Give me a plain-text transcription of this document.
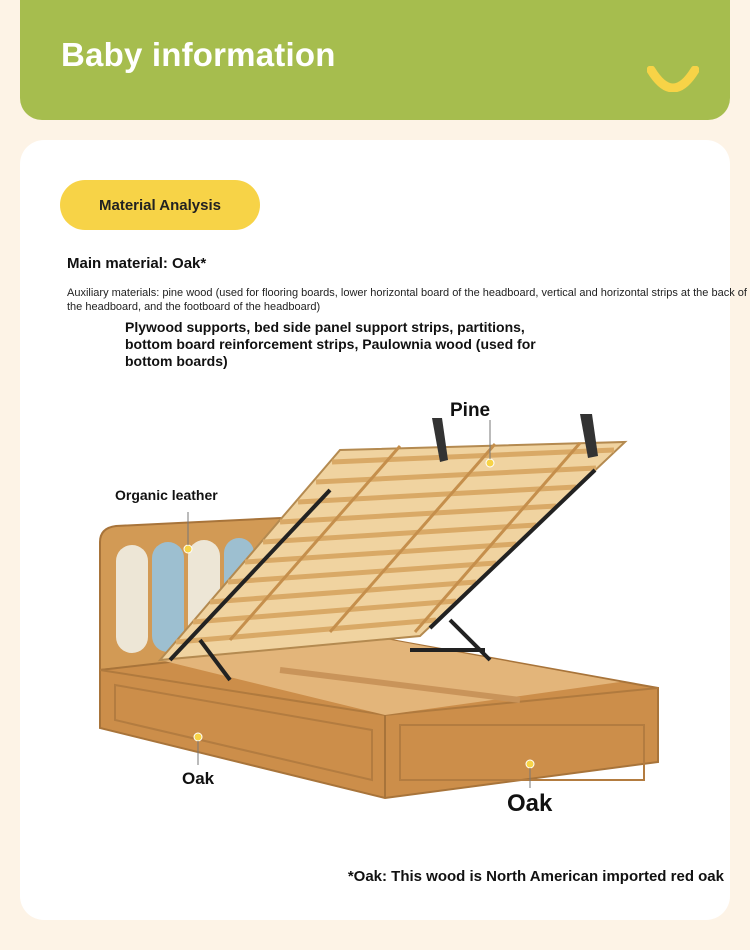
Baby information
Material Analysis
Main material: Oak*
Auxiliary materials: pine wood (used for flooring boards, lower horizontal board of the headboard, vertical and horizontal strips at the back of the headboard, and the footboard of the headboard)
Plywood supports, bed side panel support strips, partitions, bottom board reinforcement strips, Paulownia wood (used for bottom boards)
Pine
Organic leather
Oak
Oak
*Oak: This wood is North American imported red oak
